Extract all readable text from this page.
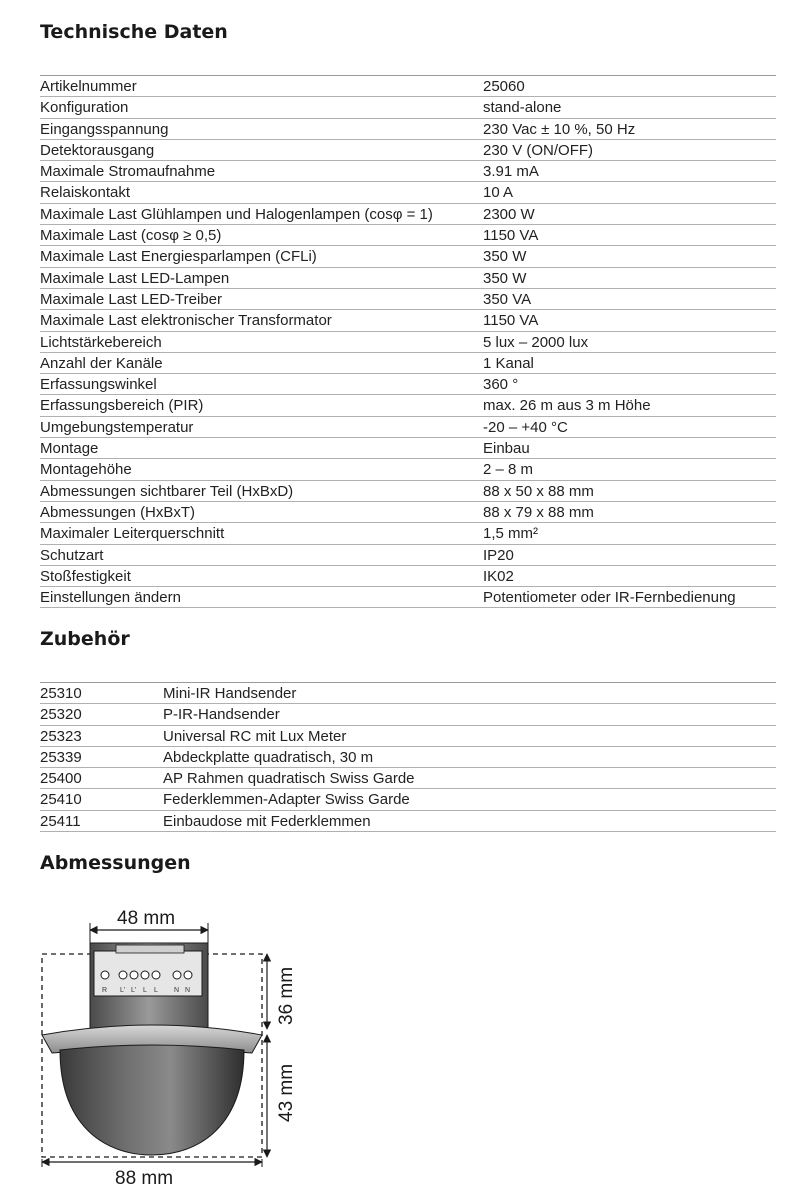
Technische Daten
Artikelnummer	25060
Konfiguration	stand-alone
Eingangsspannung	230 Vac ± 10 %, 50 Hz
Detektorausgang	230 V (ON/OFF)
Maximale Stromaufnahme	3.91 mA
Relaiskontakt	10 A
Maximale Last Glühlampen und Halogenlampen (cosφ = 1)	2300 W
Maximale Last (cosφ ≥ 0,5)	1150 VA
Maximale Last Energiesparlampen (CFLi)	350 W
Maximale Last LED-Lampen	350 W
Maximale Last LED-Treiber	350 VA
Maximale Last elektronischer Transformator	1150 VA
Lichtstärkebereich	5 lux – 2000 lux
Anzahl der Kanäle	1 Kanal
Erfassungswinkel	360 °
Erfassungsbereich (PIR)	max. 26 m aus 3 m Höhe
Umgebungstemperatur	-20 – +40 °C
Montage	Einbau
Montagehöhe	2 – 8 m
Abmessungen sichtbarer Teil (HxBxD)	88 x 50 x 88 mm
Abmessungen (HxBxT)	88 x 79 x 88 mm
Maximaler Leiterquerschnitt	1,5 mm²
Schutzart	IP20
Stoßfestigkeit	IK02
Einstellungen ändern	Potentiometer oder IR-Fernbedienung
Zubehör
25310	Mini-IR Handsender
25320	P-IR-Handsender
25323	Universal RC mit Lux Meter
25339	Abdeckplatte quadratisch, 30 m
25400	AP Rahmen quadratisch Swiss Garde
25410	Federklemmen-Adapter Swiss Garde
25411	Einbaudose mit Federklemmen
Abmessungen
48 mm
R L' L' L L N N	36 mm
43 mm
88 mm
